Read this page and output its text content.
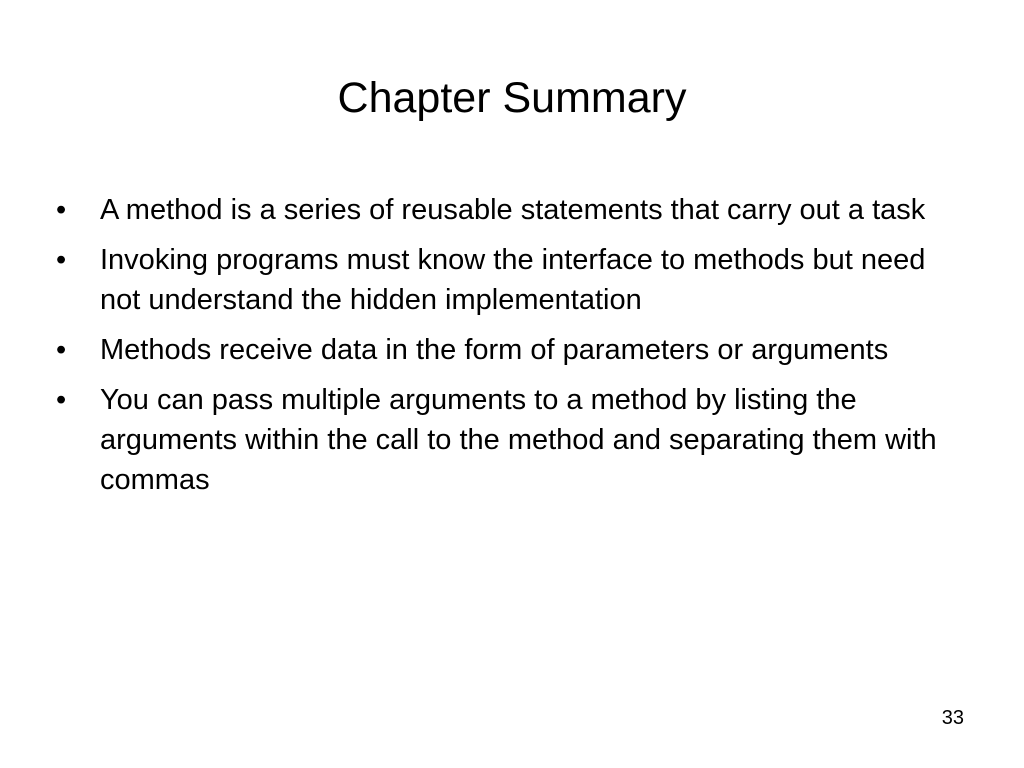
Chapter Summary
•	A method is a series of reusable statements that carry out a task
•	Invoking programs must know the interface to methods but need not understand the hidden implementation
•	Methods receive data in the form of parameters or arguments
•	You can pass multiple arguments to a method by listing the arguments within the call to the method and separating them with commas
33
